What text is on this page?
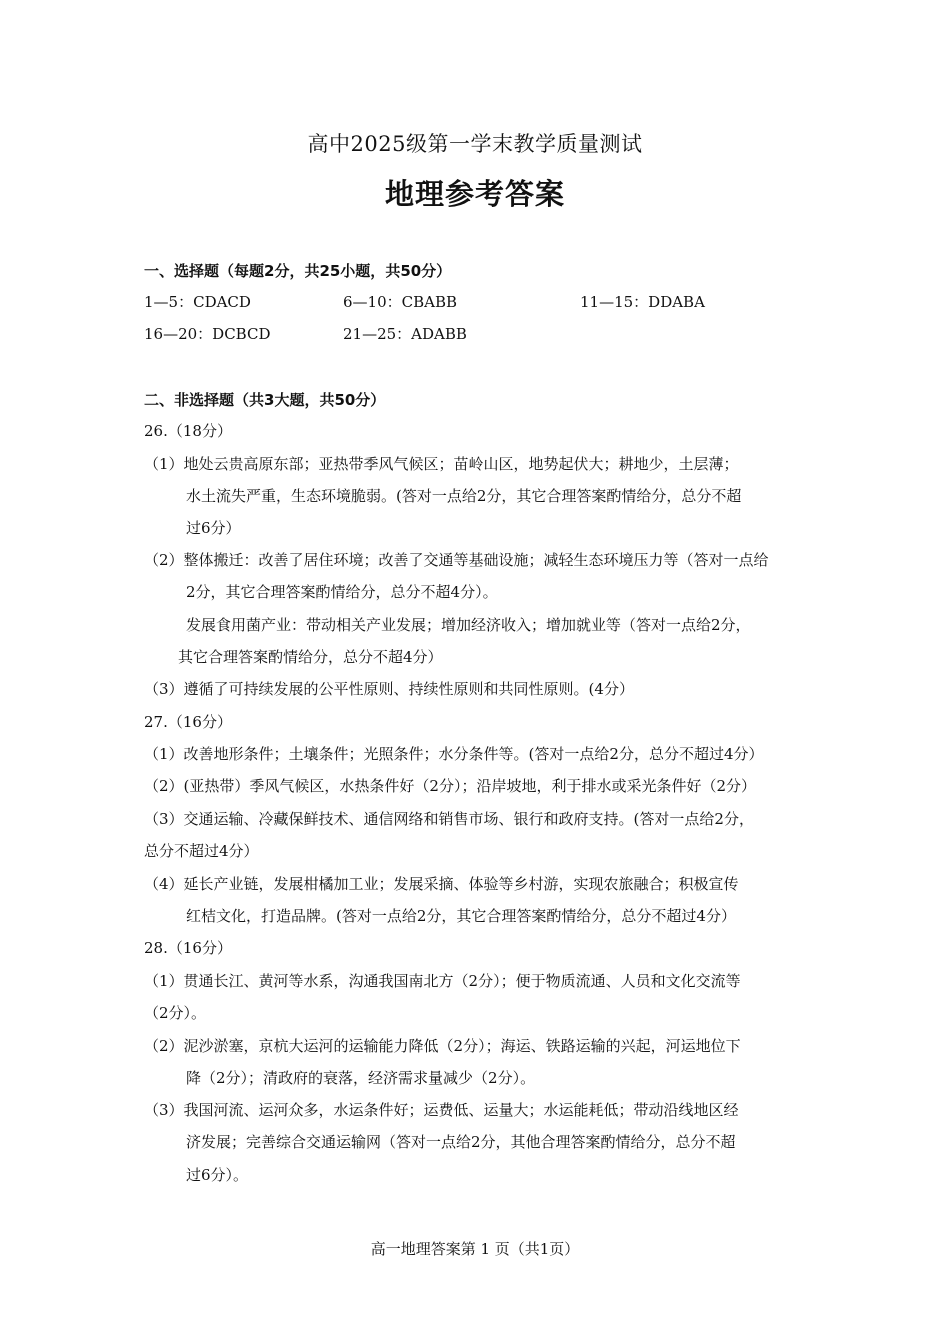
高中2025级第一学末教学质量测试
地理参考答案
一、选择题（每题2分，共25小题，共50分）
1—5：CDACD	6—10：CBABB	11—15：DDABA
16—20：DCBCD	21—25：ADABB
二、非选择题（共3大题，共50分）
26.（18分）
（1）地处云贵高原东部；亚热带季风气候区；苗岭山区，地势起伏大；耕地少，土层薄；
水土流失严重，生态环境脆弱。(答对一点给2分，其它合理答案酌情给分，总分不超
过6分）
（2）整体搬迁：改善了居住环境；改善了交通等基础设施；减轻生态环境压力等（答对一点给
2分，其它合理答案酌情给分，总分不超4分）。
发展食用菌产业：带动相关产业发展；增加经济收入；增加就业等（答对一点给2分，
其它合理答案酌情给分，总分不超4分）
（3）遵循了可持续发展的公平性原则、持续性原则和共同性原则。(4分）
27.（16分）
（1）改善地形条件；土壤条件；光照条件；水分条件等。(答对一点给2分，总分不超过4分）
（2）(亚热带）季风气候区，水热条件好（2分）；沿岸坡地，利于排水或采光条件好（2分）
（3）交通运输、冷藏保鲜技术、通信网络和销售市场、银行和政府支持。(答对一点给2分，
总分不超过4分）
（4）延长产业链，发展柑橘加工业；发展采摘、体验等乡村游，实现农旅融合；积极宣传
红桔文化，打造品牌。(答对一点给2分，其它合理答案酌情给分，总分不超过4分）
28.（16分）
（1）贯通长江、黄河等水系，沟通我国南北方（2分）；便于物质流通、人员和文化交流等
（2分）。
（2）泥沙淤塞，京杭大运河的运输能力降低（2分）；海运、铁路运输的兴起，河运地位下
降（2分）；清政府的衰落，经济需求量减少（2分）。
（3）我国河流、运河众多，水运条件好；运费低、运量大；水运能耗低；带动沿线地区经
济发展；完善综合交通运输网（答对一点给2分，其他合理答案酌情给分，总分不超
过6分）。
高一地理答案第 1 页（共1页）
